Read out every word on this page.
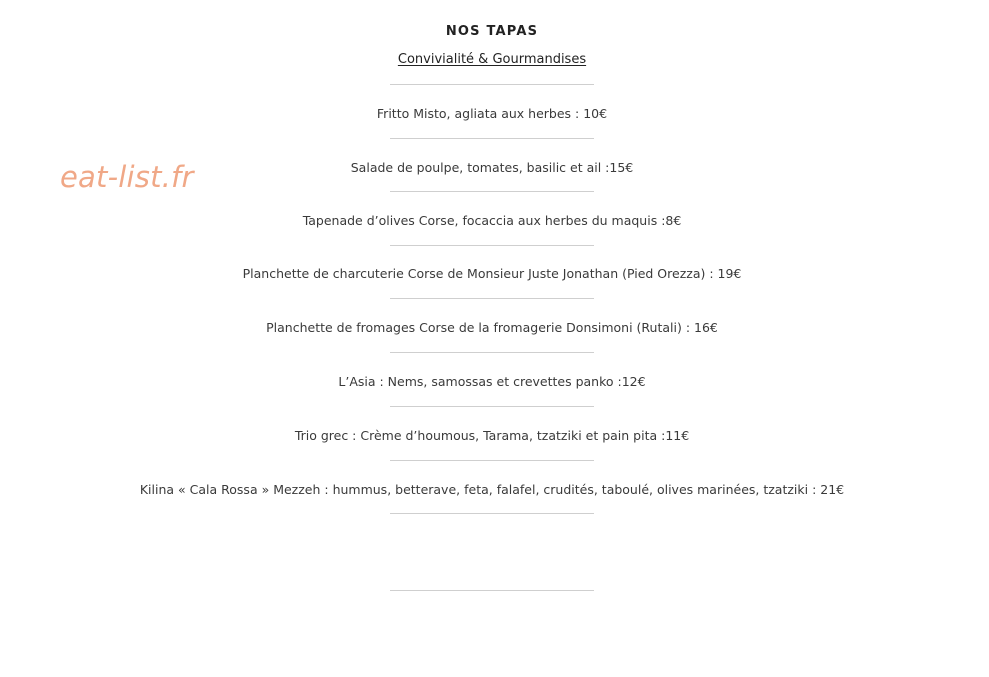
eat-list.fr
NOS TAPAS
Convivialité & Gourmandises
Fritto Misto, agliata aux herbes : 10€
Salade de poulpe, tomates, basilic et ail :15€
Tapenade d’olives Corse, focaccia aux herbes du maquis :8€
Planchette de charcuterie Corse de Monsieur Juste Jonathan (Pied Orezza) : 19€
Planchette de fromages Corse de la fromagerie Donsimoni (Rutali) : 16€
L’Asia : Nems, samossas et crevettes panko :12€
Trio grec : Crème d’houmous, Tarama, tzatziki et pain pita :11€
Kilina « Cala Rossa » Mezzeh : hummus, betterave, feta, falafel, crudités, taboulé, olives marinées, tzatziki : 21€
